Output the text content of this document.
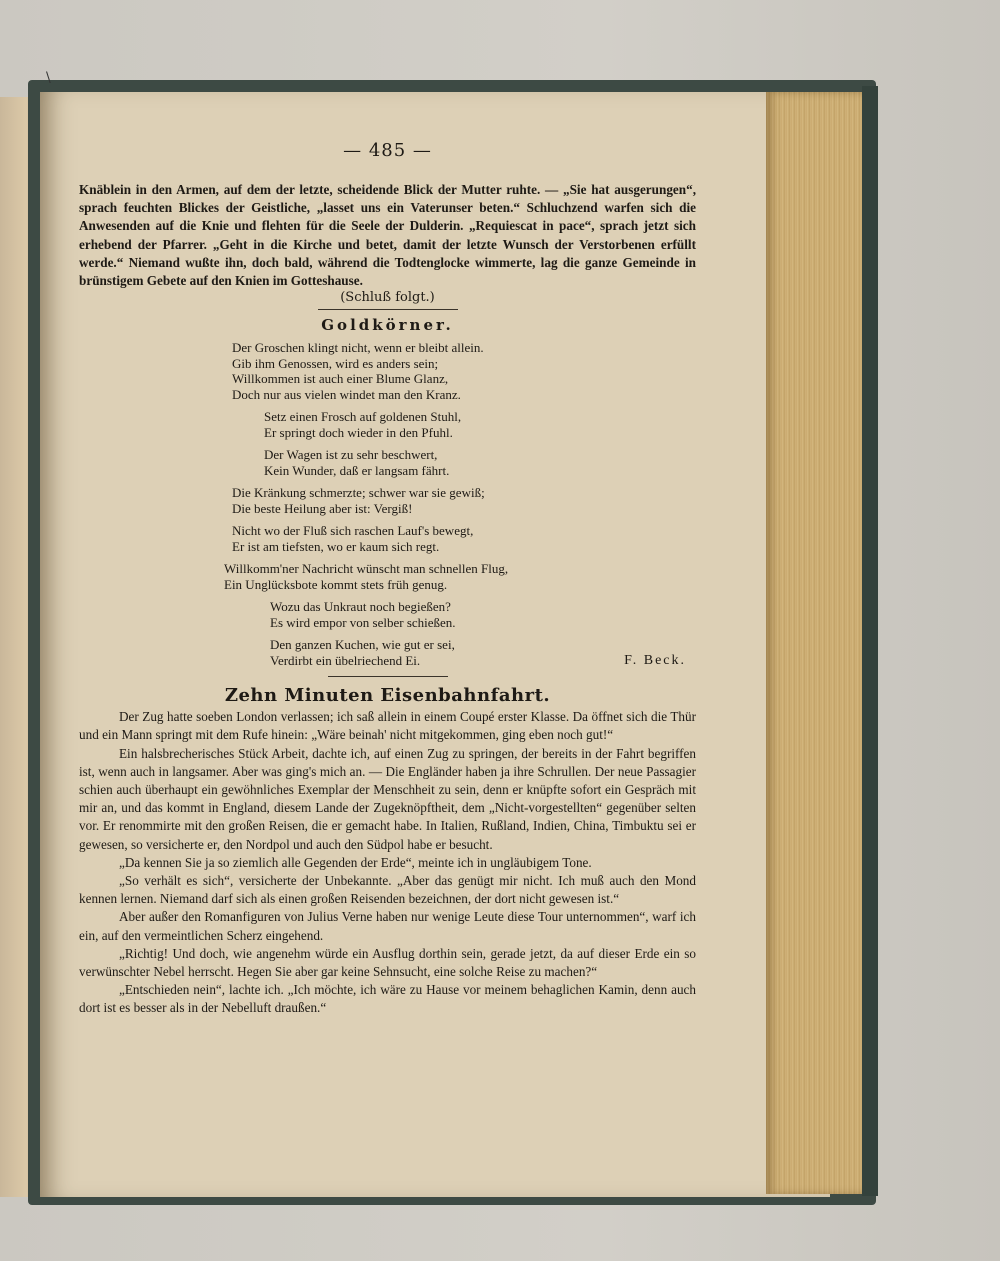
\
— 485 —

Knäblein in den Armen, auf dem der letzte, scheidende Blick der Mutter ruhte. — „Sie hat ausgerungen“, sprach feuchten Blickes der Geistliche, „lasset uns ein Vaterunser beten.“ Schluchzend warfen sich die Anwesenden auf die Knie und flehten für die Seele der Dulderin. „Requiescat in pace“, sprach jetzt sich erhebend der Pfarrer. „Geht in die Kirche und betet, damit der letzte Wunsch der Verstorbenen erfüllt werde.“ Niemand wußte ihn, doch bald, während die Todtenglocke wimmerte, lag die ganze Gemeinde in brünstigem Gebete auf den Knien im Gotteshause.

(Schluß folgt.)

Goldkörner.
Der Groschen klingt nicht, wenn er bleibt allein.
Gib ihm Genossen, wird es anders sein;
Willkommen ist auch einer Blume Glanz,
Doch nur aus vielen windet man den Kranz.
Setz einen Frosch auf goldenen Stuhl,
Er springt doch wieder in den Pfuhl.
Der Wagen ist zu sehr beschwert,
Kein Wunder, daß er langsam fährt.
Die Kränkung schmerzte; schwer war sie gewiß;
Die beste Heilung aber ist: Vergiß!
Nicht wo der Fluß sich raschen Lauf's bewegt,
Er ist am tiefsten, wo er kaum sich regt.
Willkomm'ner Nachricht wünscht man schnellen Flug,
Ein Unglücksbote kommt stets früh genug.
Wozu das Unkraut noch begießen?
Es wird empor von selber schießen.
Den ganzen Kuchen, wie gut er sei,
Verdirbt ein übelriechend Ei.	F. Beck.
Zehn Minuten Eisenbahnfahrt.

Der Zug hatte soeben London verlassen; ich saß allein in einem Coupé erster Klasse. Da öffnet sich die Thür und ein Mann springt mit dem Rufe hinein: „Wäre beinah' nicht mitgekommen, ging eben noch gut!“

Ein halsbrecherisches Stück Arbeit, dachte ich, auf einen Zug zu springen, der bereits in der Fahrt begriffen ist, wenn auch in langsamer. Aber was ging's mich an. — Die Engländer haben ja ihre Schrullen. Der neue Passagier schien auch überhaupt ein gewöhnliches Exemplar der Menschheit zu sein, denn er knüpfte sofort ein Gespräch mit mir an, und das kommt in England, diesem Lande der Zugeknöpftheit, dem „Nicht-vorgestellten“ gegenüber selten vor. Er renommirte mit den großen Reisen, die er gemacht habe. In Italien, Rußland, Indien, China, Timbuktu sei er gewesen, so versicherte er, den Nordpol und auch den Südpol habe er besucht.

„Da kennen Sie ja so ziemlich alle Gegenden der Erde“, meinte ich in ungläubigem Tone.

„So verhält es sich“, versicherte der Unbekannte. „Aber das genügt mir nicht. Ich muß auch den Mond kennen lernen. Niemand darf sich als einen großen Reisenden bezeichnen, der dort nicht gewesen ist.“

Aber außer den Romanfiguren von Julius Verne haben nur wenige Leute diese Tour unternommen“, warf ich ein, auf den vermeintlichen Scherz eingehend.

„Richtig! Und doch, wie angenehm würde ein Ausflug dorthin sein, gerade jetzt, da auf dieser Erde ein so verwünschter Nebel herrscht. Hegen Sie aber gar keine Sehnsucht, eine solche Reise zu machen?“

„Entschieden nein“, lachte ich. „Ich möchte, ich wäre zu Hause vor meinem behaglichen Kamin, denn auch dort ist es besser als in der Nebelluft draußen.“
